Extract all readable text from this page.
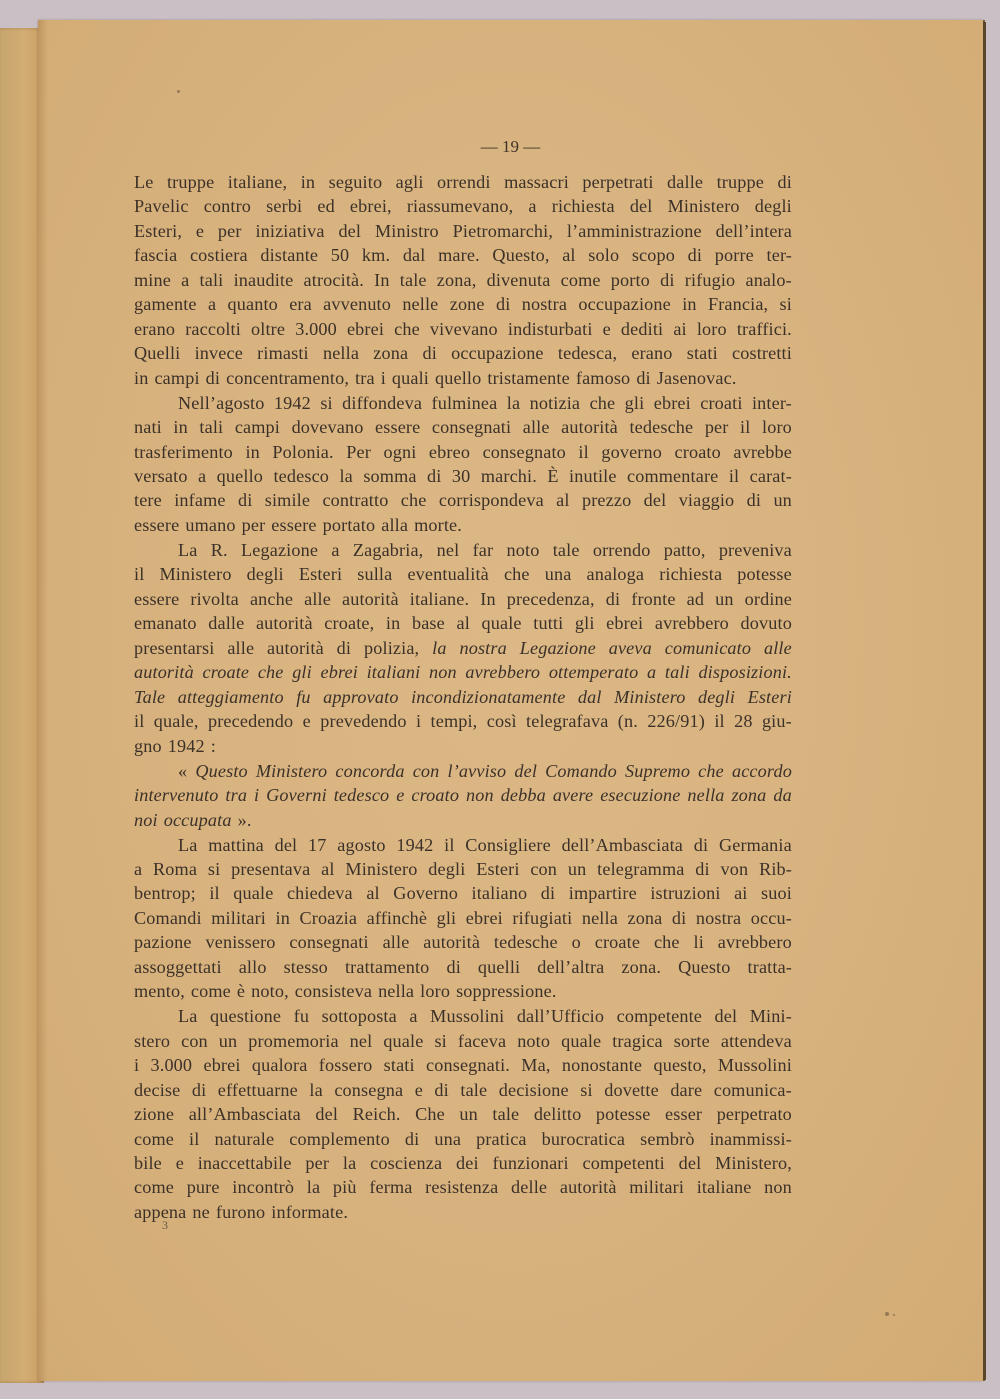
— 19 —
Le truppe italiane, in seguito agli orrendi massacri perpetrati dalle truppe di
Pavelic contro serbi ed ebrei, riassumevano, a richiesta del Ministero degli
Esteri, e per iniziativa del Ministro Pietromarchi, l’amministrazione dell’intera
fascia costiera distante 50 km. dal mare. Questo, al solo scopo di porre ter-
mine a tali inaudite atrocità. In tale zona, divenuta come porto di rifugio analo-
gamente a quanto era avvenuto nelle zone di nostra occupazione in Francia, si
erano raccolti oltre 3.000 ebrei che vivevano indisturbati e dediti ai loro traffici.
Quelli invece rimasti nella zona di occupazione tedesca, erano stati costretti
in campi di concentramento, tra i quali quello tristamente famoso di Jasenovac.
Nell’agosto 1942 si diffondeva fulminea la notizia che gli ebrei croati inter-
nati in tali campi dovevano essere consegnati alle autorità tedesche per il loro
trasferimento in Polonia. Per ogni ebreo consegnato il governo croato avrebbe
versato a quello tedesco la somma di 30 marchi. È inutile commentare il carat-
tere infame di simile contratto che corrispondeva al prezzo del viaggio di un
essere umano per essere portato alla morte.
La R. Legazione a Zagabria, nel far noto tale orrendo patto, preveniva
il Ministero degli Esteri sulla eventualità che una analoga richiesta potesse
essere rivolta anche alle autorità italiane. In precedenza, di fronte ad un ordine
emanato dalle autorità croate, in base al quale tutti gli ebrei avrebbero dovuto
presentarsi alle autorità di polizia, la nostra Legazione aveva comunicato alle
autorità croate che gli ebrei italiani non avrebbero ottemperato a tali disposizioni.
Tale atteggiamento fu approvato incondizionatamente dal Ministero degli Esteri
il quale, precedendo e prevedendo i tempi, così telegrafava (n. 226/91) il 28 giu-
gno 1942 :
« Questo Ministero concorda con l’avviso del Comando Supremo che accordo
intervenuto tra i Governi tedesco e croato non debba avere esecuzione nella zona da
noi occupata ».
La mattina del 17 agosto 1942 il Consigliere dell’Ambasciata di Germania
a Roma si presentava al Ministero degli Esteri con un telegramma di von Rib-
bentrop; il quale chiedeva al Governo italiano di impartire istruzioni ai suoi
Comandi militari in Croazia affinchè gli ebrei rifugiati nella zona di nostra occu-
pazione venissero consegnati alle autorità tedesche o croate che li avrebbero
assoggettati allo stesso trattamento di quelli dell’altra zona. Questo tratta-
mento, come è noto, consisteva nella loro soppressione.
La questione fu sottoposta a Mussolini dall’Ufficio competente del Mini-
stero con un promemoria nel quale si faceva noto quale tragica sorte attendeva
i 3.000 ebrei qualora fossero stati consegnati. Ma, nonostante questo, Mussolini
decise di effettuarne la consegna e di tale decisione si dovette dare comunica-
zione all’Ambasciata del Reich. Che un tale delitto potesse esser perpetrato
come il naturale complemento di una pratica burocratica sembrò inammissi-
bile e inaccettabile per la coscienza dei funzionari competenti del Ministero,
come pure incontrò la più ferma resistenza delle autorità militari italiane non
appena ne furono informate.
3
